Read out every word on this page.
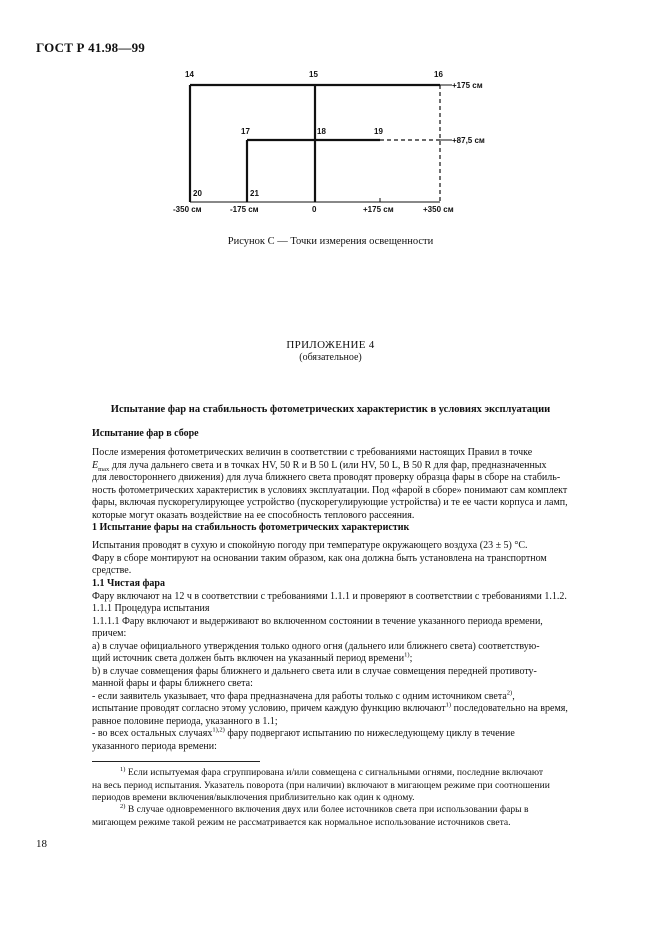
ГОСТ Р 41.98—99
14	15	16
17	18	19
20	21
-350 см	-175 см	0	+175 см	+350 см
+175 см
+87,5 см
Рисунок С — Точки измерения освещенности
ПРИЛОЖЕНИЕ 4
(обязательное)
Испытание фар на стабильность фотометрических характеристик в условиях эксплуатации
Испытание фар в сборе
После измерения фотометрических величин в соответствии с требованиями настоящих Правил в точке
$E_{max}$ для луча дальнего света и в точках HV, 50 R и B 50 L (или HV, 50 L, B 50 R для фар, предназначенных
для левостороннего движения) для луча ближнего света проводят проверку образца фары в сборе на стабиль-
ность фотометрических характеристик в условиях эксплуатации. Под «фарой в сборе» понимают сам комплект
фары, включая пускорегулирующее устройство (пускорегулирующие устройства) и те ее части корпуса и ламп,
которые могут оказать воздействие на ее способность теплового рассеяния.
1 Испытание фары на стабильность фотометрических характеристик
Испытания проводят в сухую и спокойную погоду при температуре окружающего воздуха (23 ± 5) °С.
Фару в сборе монтируют на основании таким образом, как она должна быть установлена на транспортном
средстве.
1.1 Чистая фара
Фару включают на 12 ч в соответствии с требованиями 1.1.1 и проверяют в соответствии с требованиями 1.1.2.
1.1.1 Процедура испытания
1.1.1.1 Фару включают и выдерживают во включенном состоянии в течение указанного периода времени,
причем:
а) в случае официального утверждения только одного огня (дальнего или ближнего света) соответствую-
щий источник света должен быть включен на указанный период времени$^{1)}$;
b) в случае совмещения фары ближнего и дальнего света или в случае совмещения передней противоту-
манной фары и фары ближнего света:
- если заявитель указывает, что фара предназначена для работы только с одним источником света$^{2)}$,
испытание проводят согласно этому условию, причем каждую функцию включают$^{1)}$ последовательно на время,
равное половине периода, указанного в 1.1;
- во всех остальных случаях$^{1),2)}$ фару подвергают испытанию по нижеследующему циклу в течение
указанного периода времени:
$^{1)}$ Если испытуемая фара сгруппирована и/или совмещена с сигнальными огнями, последние включают
на весь период испытания. Указатель поворота (при наличии) включают в мигающем режиме при соотношении
периодов времени включения/выключения приблизительно как один к одному.
$^{2)}$ В случае одновременного включения двух или более источников света при использовании фары в
мигающем режиме такой режим не рассматривается как нормальное использование источников света.
18
